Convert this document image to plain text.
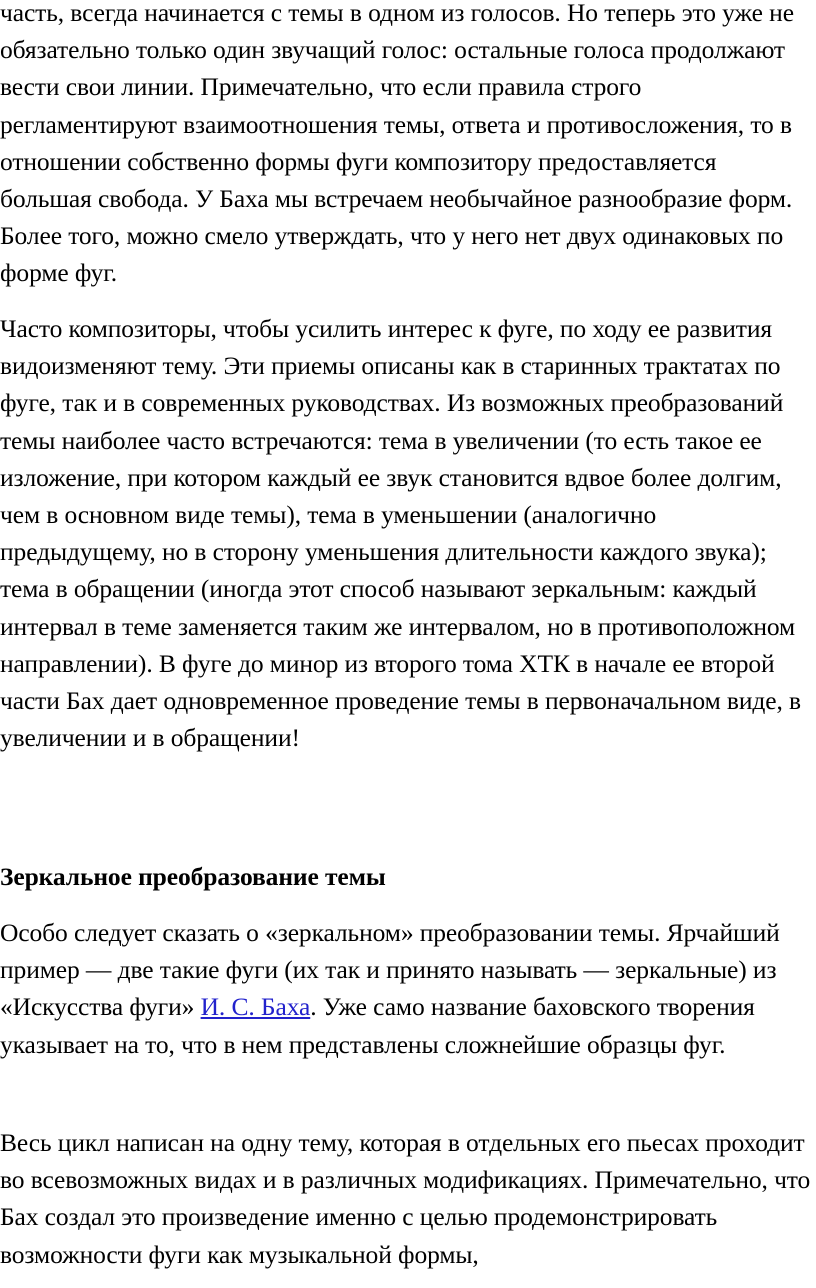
часть, всегда начинается с темы в одном из голосов. Но теперь это уже не обязательно только один звучащий голос: остальные голоса продолжают вести свои линии. Примечательно, что если правила строго регламентируют взаимоотношения темы, ответа и противосложения, то в отношении собственно формы фуги композитору предоставляется большая свобода. У Баха мы встречаем необычайное разнообразие форм. Более того, можно смело утверждать, что у него нет двух одинаковых по форме фуг.

Часто композиторы, чтобы усилить интерес к фуге, по ходу ее развития видоизменяют тему. Эти приемы описаны как в старинных трактатах по фуге, так и в современных руководствах. Из возможных преобразований темы наиболее часто встречаются: тема в увеличении (то есть такое ее изложение, при котором каждый ее звук становится вдвое более долгим, чем в основном виде темы), тема в уменьшении (аналогично предыдущему, но в сторону уменьшения длительности каждого звука); тема в обращении (иногда этот способ называют зеркальным: каждый интервал в теме заменяется таким же интервалом, но в противоположном направлении). В фуге до минор из второго тома ХТК в начале ее второй части Бах дает одновременное проведение темы в первоначальном виде, в увеличении и в обращении!

Зеркальное преобразование темы

Особо следует сказать о «зеркальном» преобразовании темы. Ярчайший пример — две такие фуги (их так и принято называть — зеркальные) из «Искусства фуги» И. С. Баха. Уже само название баховского творения указывает на то, что в нем представлены сложнейшие образцы фуг.

Весь цикл написан на одну тему, которая в отдельных его пьесах проходит во всевозможных видах и в различных модификациях. Примечательно, что Бах создал это произведение именно с целью продемонстрировать возможности фуги как музыкальной формы,
